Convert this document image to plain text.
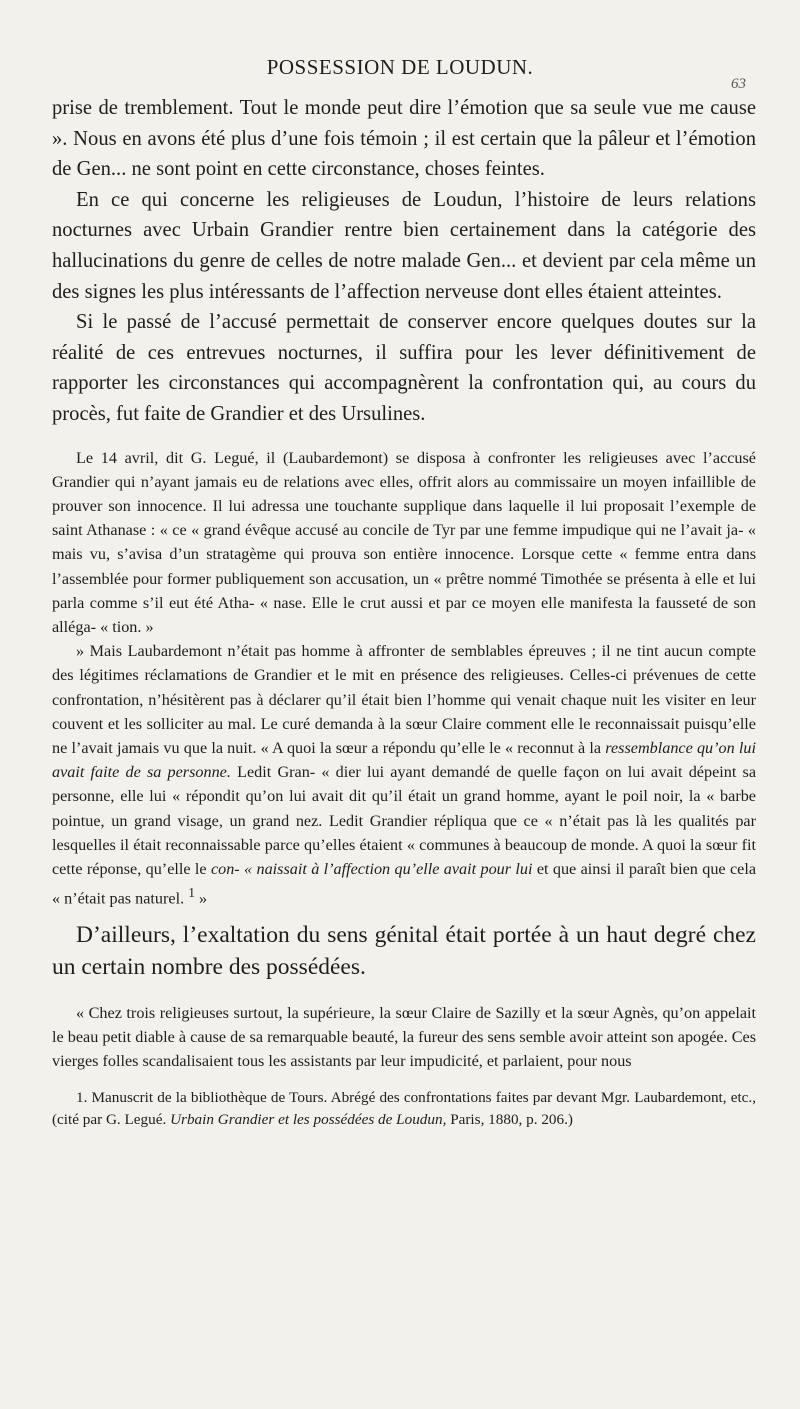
POSSESSION DE LOUDUN.
63

prise de tremblement. Tout le monde peut dire l’émotion que sa seule vue me cause ». Nous en avons été plus d’une fois témoin ; il est certain que la pâleur et l’émotion de Gen... ne sont point en cette circonstance, choses feintes.

En ce qui concerne les religieuses de Loudun, l’histoire de leurs relations nocturnes avec Urbain Grandier rentre bien certainement dans la catégorie des hallucinations du genre de celles de notre malade Gen... et devient par cela même un des signes les plus intéressants de l’affection nerveuse dont elles étaient atteintes.

Si le passé de l’accusé permettait de conserver encore quelques doutes sur la réalité de ces entrevues nocturnes, il suffira pour les lever définitivement de rapporter les circonstances qui accompagnèrent la confrontation qui, au cours du procès, fut faite de Grandier et des Ursulines.

Le 14 avril, dit G. Legué, il (Laubardemont) se disposa à confronter les religieuses avec l’accusé Grandier qui n’ayant jamais eu de relations avec elles, offrit alors au commissaire un moyen infaillible de prouver son innocence. Il lui adressa une touchante supplique dans laquelle il lui proposait l’exemple de saint Athanase : « ce « grand évêque accusé au concile de Tyr par une femme impudique qui ne l’avait ja- « mais vu, s’avisa d’un stratagème qui prouva son entière innocence. Lorsque cette « femme entra dans l’assemblée pour former publiquement son accusation, un « prêtre nommé Timothée se présenta à elle et lui parla comme s’il eut été Atha- « nase. Elle le crut aussi et par ce moyen elle manifesta la fausseté de son alléga- « tion. »

» Mais Laubardemont n’était pas homme à affronter de semblables épreuves ; il ne tint aucun compte des légitimes réclamations de Grandier et le mit en présence des religieuses. Celles-ci prévenues de cette confrontation, n’hésitèrent pas à déclarer qu’il était bien l’homme qui venait chaque nuit les visiter en leur couvent et les solliciter au mal. Le curé demanda à la sœur Claire comment elle le reconnaissait puisqu’elle ne l’avait jamais vu que la nuit. « A quoi la sœur a répondu qu’elle le « reconnut à la ressemblance qu’on lui avait faite de sa personne. Ledit Gran- « dier lui ayant demandé de quelle façon on lui avait dépeint sa personne, elle lui « répondit qu’on lui avait dit qu’il était un grand homme, ayant le poil noir, la « barbe pointue, un grand visage, un grand nez. Ledit Grandier répliqua que ce « n’était pas là les qualités par lesquelles il était reconnaissable parce qu’elles étaient « communes à beaucoup de monde. A quoi la sœur fit cette réponse, qu’elle le con- « naissait à l’affection qu’elle avait pour lui et que ainsi il paraît bien que cela « n’était pas naturel. $^1$ »

D’ailleurs, l’exaltation du sens génital était portée à un haut degré chez un certain nombre des possédées.

« Chez trois religieuses surtout, la supérieure, la sœur Claire de Sazilly et la sœur Agnès, qu’on appelait le beau petit diable à cause de sa remarquable beauté, la fureur des sens semble avoir atteint son apogée. Ces vierges folles scandalisaient tous les assistants par leur impudicité, et parlaient, pour nous

1. Manuscrit de la bibliothèque de Tours. Abrégé des confrontations faites par devant Mgr. Laubardemont, etc., (cité par G. Legué. Urbain Grandier et les possédées de Loudun, Paris, 1880, p. 206.)
